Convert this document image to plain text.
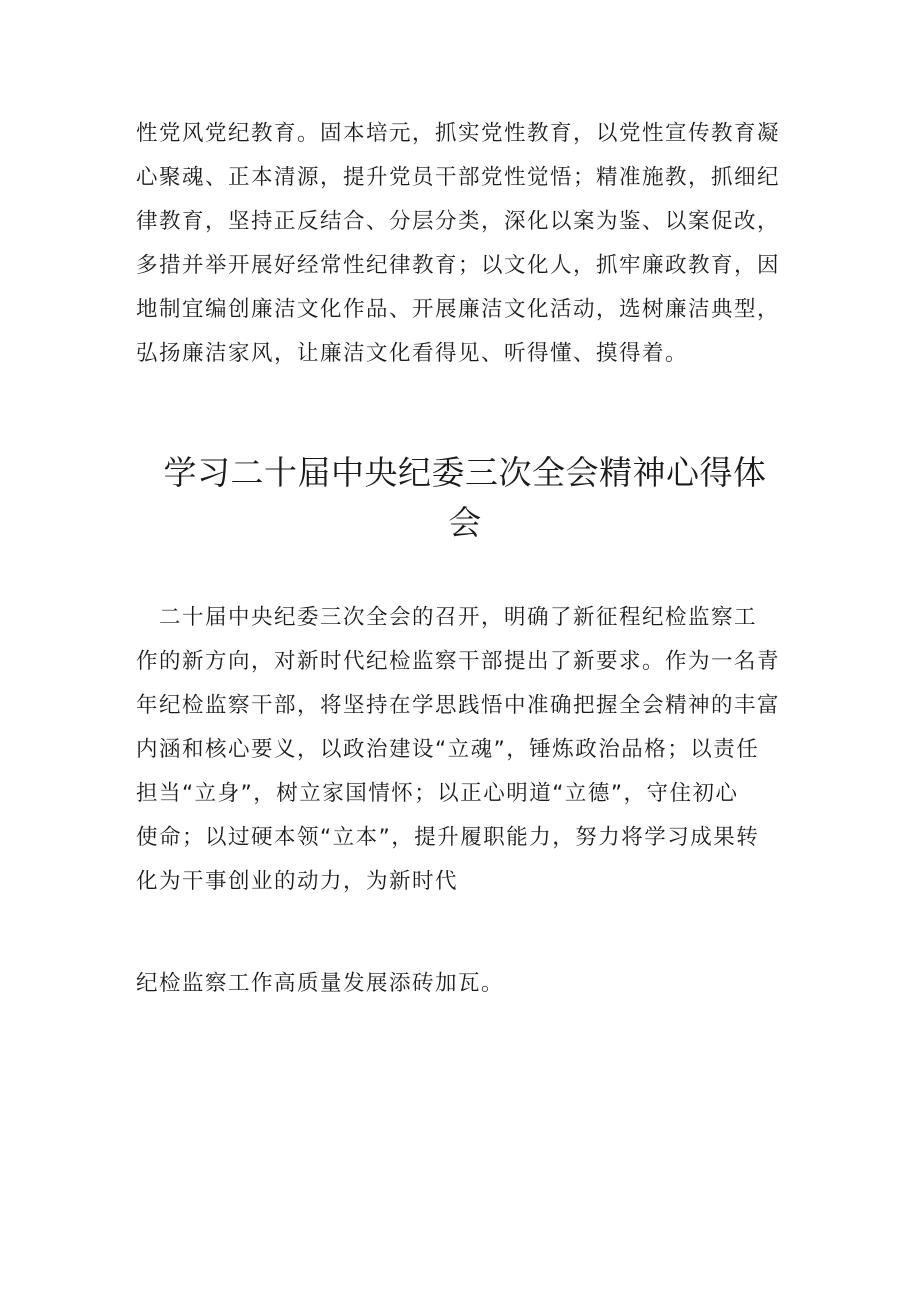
性党风党纪教育。固本培元，抓实党性教育，以党性宣传教育凝
心聚魂、正本清源，提升党员干部党性觉悟；精准施教，抓细纪
律教育，坚持正反结合、分层分类，深化以案为鉴、以案促改，
多措并举开展好经常性纪律教育；以文化人，抓牢廉政教育，因
地制宜编创廉洁文化作品、开展廉洁文化活动，选树廉洁典型，
弘扬廉洁家风，让廉洁文化看得见、听得懂、摸得着。
学习二十届中央纪委三次全会精神心得体
会
　二十届中央纪委三次全会的召开，明确了新征程纪检监察工
作的新方向，对新时代纪检监察干部提出了新要求。作为一名青
年纪检监察干部，将坚持在学思践悟中准确把握全会精神的丰富
内涵和核心要义，以政治建设“立魂”，锤炼政治品格；以责任
担当“立身”，树立家国情怀；以正心明道“立德”，守住初心
使命；以过硬本领“立本”，提升履职能力，努力将学习成果转
化为干事创业的动力，为新时代
纪检监察工作高质量发展添砖加瓦。
